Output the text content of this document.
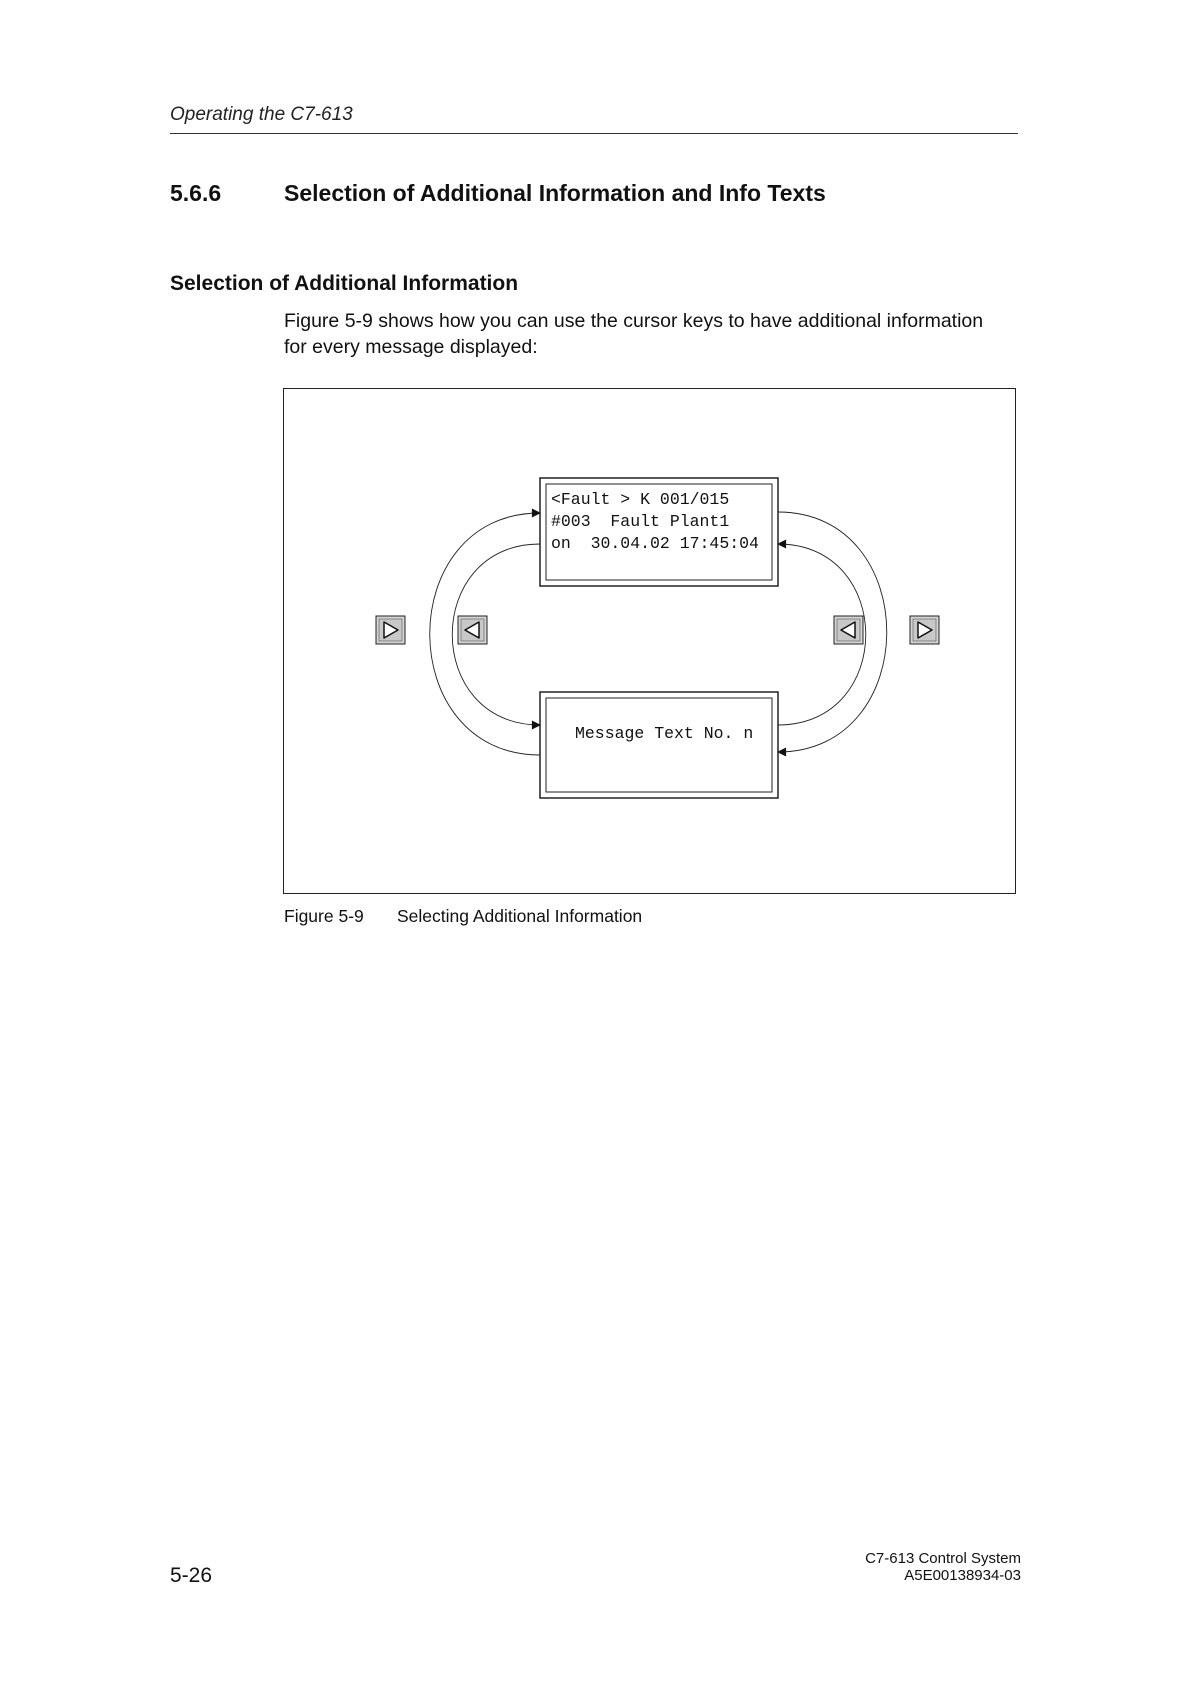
Operating the C7-613
5.6.6	Selection of Additional Information and Info Texts
Selection of Additional Information

Figure 5-9 shows how you can use the cursor keys to have additional information

for every message displayed:

<Fault > K 001/015
#003  Fault Plant1
on  30.04.02 17:45:04
Message Text No. n
Figure 5-9 Selecting Additional Information
5-26
C7-613 Control System
A5E00138934-03
